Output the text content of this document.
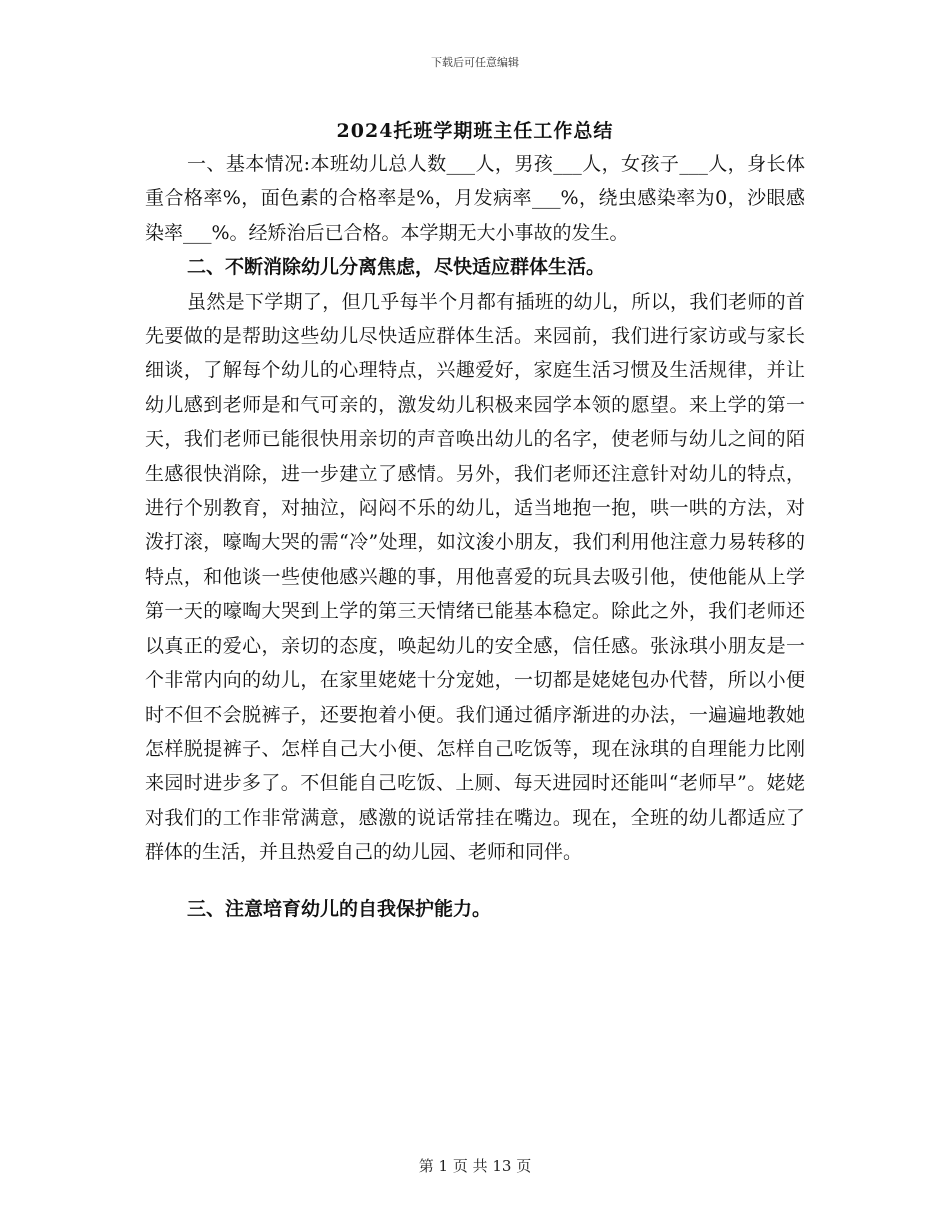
下载后可任意编辑
2024托班学期班主任工作总结

一、基本情况:本班幼儿总人数___人，男孩___人，女孩子___人，身长体重合格率%，面色素的合格率是%，月发病率___%，绕虫感染率为0，沙眼感染率___%。经矫治后已合格。本学期无大小事故的发生。

二、不断消除幼儿分离焦虑，尽快适应群体生活。

虽然是下学期了，但几乎每半个月都有插班的幼儿，所以，我们老师的首先要做的是帮助这些幼儿尽快适应群体生活。来园前，我们进行家访或与家长细谈，了解每个幼儿的心理特点，兴趣爱好，家庭生活习惯及生活规律，并让幼儿感到老师是和气可亲的，激发幼儿积极来园学本领的愿望。来上学的第一天，我们老师已能很快用亲切的声音唤出幼儿的名字，使老师与幼儿之间的陌生感很快消除，进一步建立了感情。另外，我们老师还注意针对幼儿的特点，进行个别教育，对抽泣，闷闷不乐的幼儿，适当地抱一抱，哄一哄的方法，对泼打滚，嚎啕大哭的需“冷”处理，如汶浚小朋友，我们利用他注意力易转移的特点，和他谈一些使他感兴趣的事，用他喜爱的玩具去吸引他，使他能从上学第一天的嚎啕大哭到上学的第三天情绪已能基本稳定。除此之外，我们老师还以真正的爱心，亲切的态度，唤起幼儿的安全感，信任感。张泳琪小朋友是一个非常内向的幼儿，在家里姥姥十分宠她，一切都是姥姥包办代替，所以小便时不但不会脱裤子，还要抱着小便。我们通过循序渐进的办法，一遍遍地教她怎样脱提裤子、怎样自己大小便、怎样自己吃饭等，现在泳琪的自理能力比刚来园时进步多了。不但能自己吃饭、上厕、每天进园时还能叫“老师早”。姥姥对我们的工作非常满意，感激的说话常挂在嘴边。现在，全班的幼儿都适应了群体的生活，并且热爱自己的幼儿园、老师和同伴。

三、注意培育幼儿的自我保护能力。

第 1 页 共 13 页
